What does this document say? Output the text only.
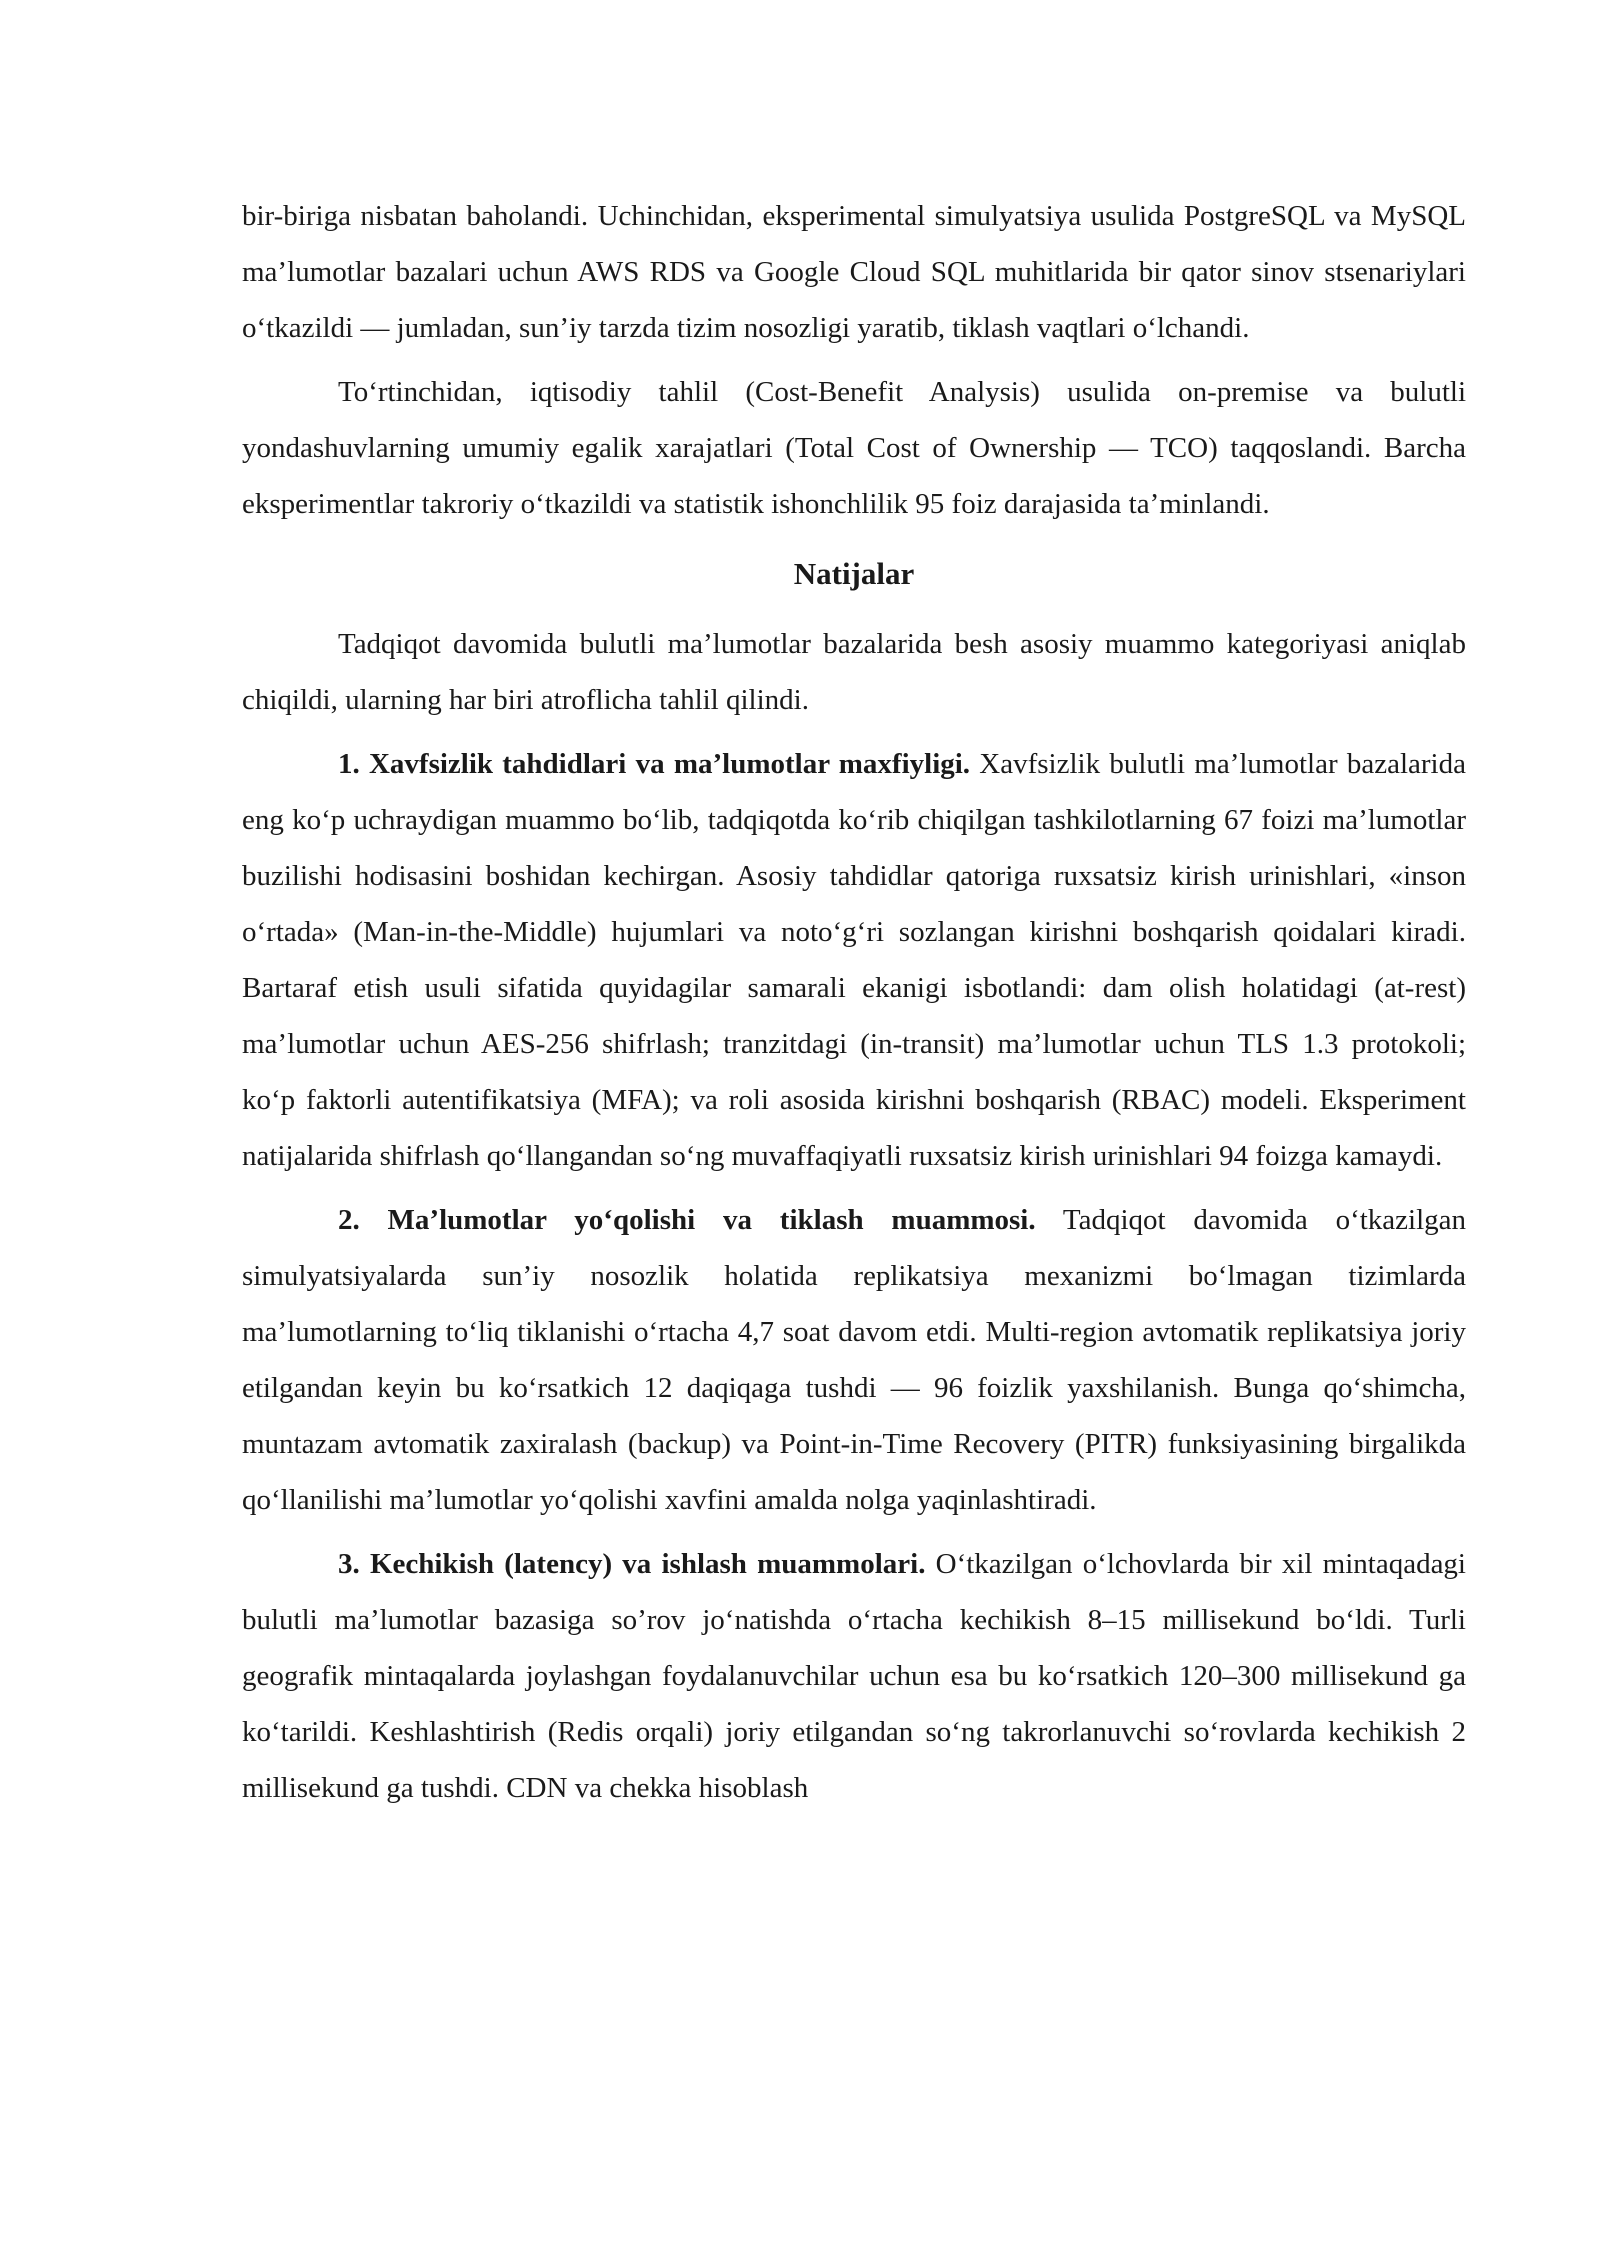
bir-biriga nisbatan baholandi. Uchinchidan, eksperimental simulyatsiya usulida PostgreSQL va MySQL ma’lumotlar bazalari uchun AWS RDS va Google Cloud SQL muhitlarida bir qator sinov stsenariylari o‘tkazildi — jumladan, sun’iy tarzda tizim nosozligi yaratib, tiklash vaqtlari o‘lchandi.

To‘rtinchidan, iqtisodiy tahlil (Cost-Benefit Analysis) usulida on-premise va bulutli yondashuvlarning umumiy egalik xarajatlari (Total Cost of Ownership — TCO) taqqoslandi. Barcha eksperimentlar takroriy o‘tkazildi va statistik ishonchlilik 95 foiz darajasida ta’minlandi.

Natijalar

Tadqiqot davomida bulutli ma’lumotlar bazalarida besh asosiy muammo kategoriyasi aniqlab chiqildi, ularning har biri atroflicha tahlil qilindi.

1. Xavfsizlik tahdidlari va ma’lumotlar maxfiyligi. Xavfsizlik bulutli ma’lumotlar bazalarida eng ko‘p uchraydigan muammo bo‘lib, tadqiqotda ko‘rib chiqilgan tashkilotlarning 67 foizi ma’lumotlar buzilishi hodisasini boshidan kechirgan. Asosiy tahdidlar qatoriga ruxsatsiz kirish urinishlari, «inson o‘rtada» (Man-in-the-Middle) hujumlari va noto‘g‘ri sozlangan kirishni boshqarish qoidalari kiradi. Bartaraf etish usuli sifatida quyidagilar samarali ekanigi isbotlandi: dam olish holatidagi (at-rest) ma’lumotlar uchun AES-256 shifrlash; tranzitdagi (in-transit) ma’lumotlar uchun TLS 1.3 protokoli; ko‘p faktorli autentifikatsiya (MFA); va roli asosida kirishni boshqarish (RBAC) modeli. Eksperiment natijalarida shifrlash qo‘llangandan so‘ng muvaffaqiyatli ruxsatsiz kirish urinishlari 94 foizga kamaydi.

2. Ma’lumotlar yo‘qolishi va tiklash muammosi. Tadqiqot davomida o‘tkazilgan simulyatsiyalarda sun’iy nosozlik holatida replikatsiya mexanizmi bo‘lmagan tizimlarda ma’lumotlarning to‘liq tiklanishi o‘rtacha 4,7 soat davom etdi. Multi-region avtomatik replikatsiya joriy etilgandan keyin bu ko‘rsatkich 12 daqiqaga tushdi — 96 foizlik yaxshilanish. Bunga qo‘shimcha, muntazam avtomatik zaxiralash (backup) va Point-in-Time Recovery (PITR) funksiyasining birgalikda qo‘llanilishi ma’lumotlar yo‘qolishi xavfini amalda nolga yaqinlashtiradi.

3. Kechikish (latency) va ishlash muammolari. O‘tkazilgan o‘lchovlarda bir xil mintaqadagi bulutli ma’lumotlar bazasiga so’rov jo‘natishda o‘rtacha kechikish 8–15 millisekund bo‘ldi. Turli geografik mintaqalarda joylashgan foydalanuvchilar uchun esa bu ko‘rsatkich 120–300 millisekund ga ko‘tarildi. Keshlashtirish (Redis orqali) joriy etilgandan so‘ng takrorlanuvchi so‘rovlarda kechikish 2 millisekund ga tushdi. CDN va chekka hisoblash
